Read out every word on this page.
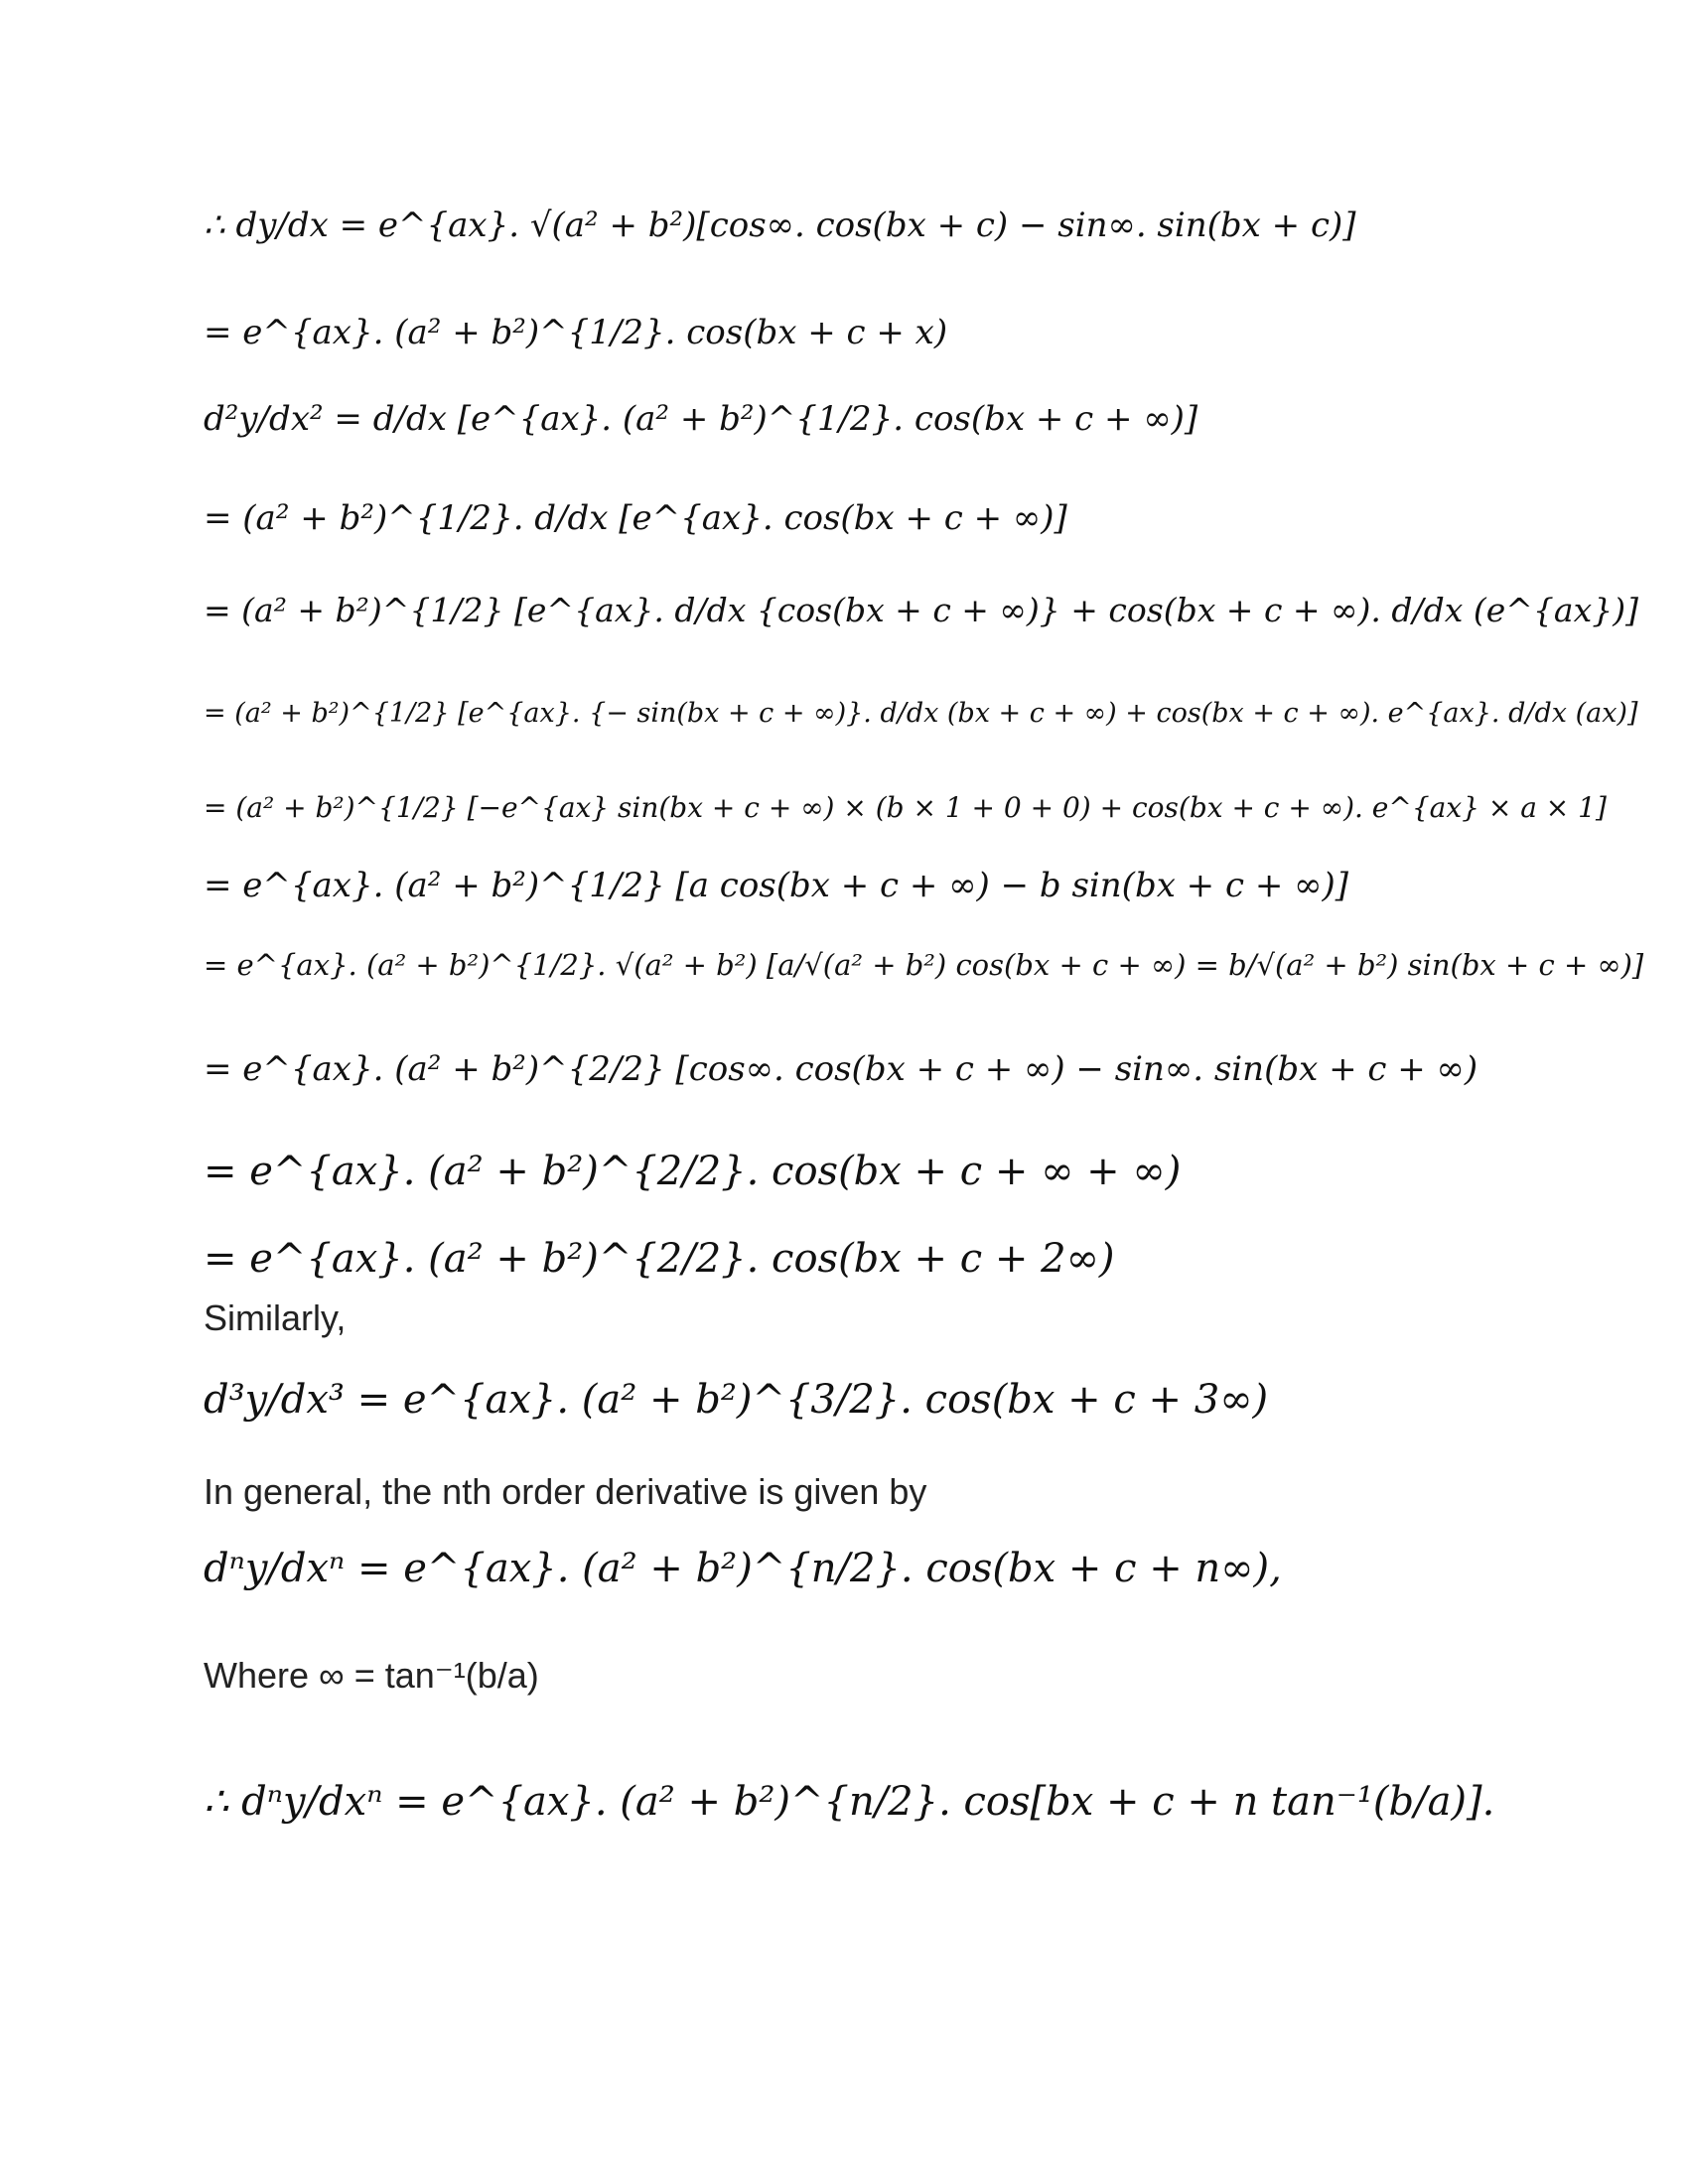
∴ dy/dx = e^{ax}. √(a² + b²)[cos∞. cos(bx + c) − sin∞. sin(bx + c)]
= e^{ax}. (a² + b²)^{1/2}. cos(bx + c + x)
d²y/dx² = d/dx [e^{ax}. (a² + b²)^{1/2}. cos(bx + c + ∞)]
= (a² + b²)^{1/2}. d/dx [e^{ax}. cos(bx + c + ∞)]
= (a² + b²)^{1/2} [e^{ax}. d/dx {cos(bx + c + ∞)} + cos(bx + c + ∞). d/dx (e^{ax})]
= (a² + b²)^{1/2} [e^{ax}. {− sin(bx + c + ∞)}. d/dx (bx + c + ∞) + cos(bx + c + ∞). e^{ax}. d/dx (ax)]
= (a² + b²)^{1/2} [−e^{ax} sin(bx + c + ∞) × (b × 1 + 0 + 0) + cos(bx + c + ∞). e^{ax} × a × 1]
= e^{ax}. (a² + b²)^{1/2} [a cos(bx + c + ∞) − b sin(bx + c + ∞)]
= e^{ax}. (a² + b²)^{1/2}. √(a² + b²) [a/√(a² + b²) cos(bx + c + ∞) = b/√(a² + b²) sin(bx + c + ∞)]
= e^{ax}. (a² + b²)^{2/2} [cos∞. cos(bx + c + ∞) − sin∞. sin(bx + c + ∞)
= e^{ax}. (a² + b²)^{2/2}. cos(bx + c + ∞ + ∞)
= e^{ax}. (a² + b²)^{2/2}. cos(bx + c + 2∞)
Similarly,
d³y/dx³ = e^{ax}. (a² + b²)^{3/2}. cos(bx + c + 3∞)
In general, the nth order derivative is given by
dⁿy/dxⁿ = e^{ax}. (a² + b²)^{n/2}. cos(bx + c + n∞),
Where ∞ = tan⁻¹(b/a)
∴ dⁿy/dxⁿ = e^{ax}. (a² + b²)^{n/2}. cos[bx + c + n tan⁻¹(b/a)].
